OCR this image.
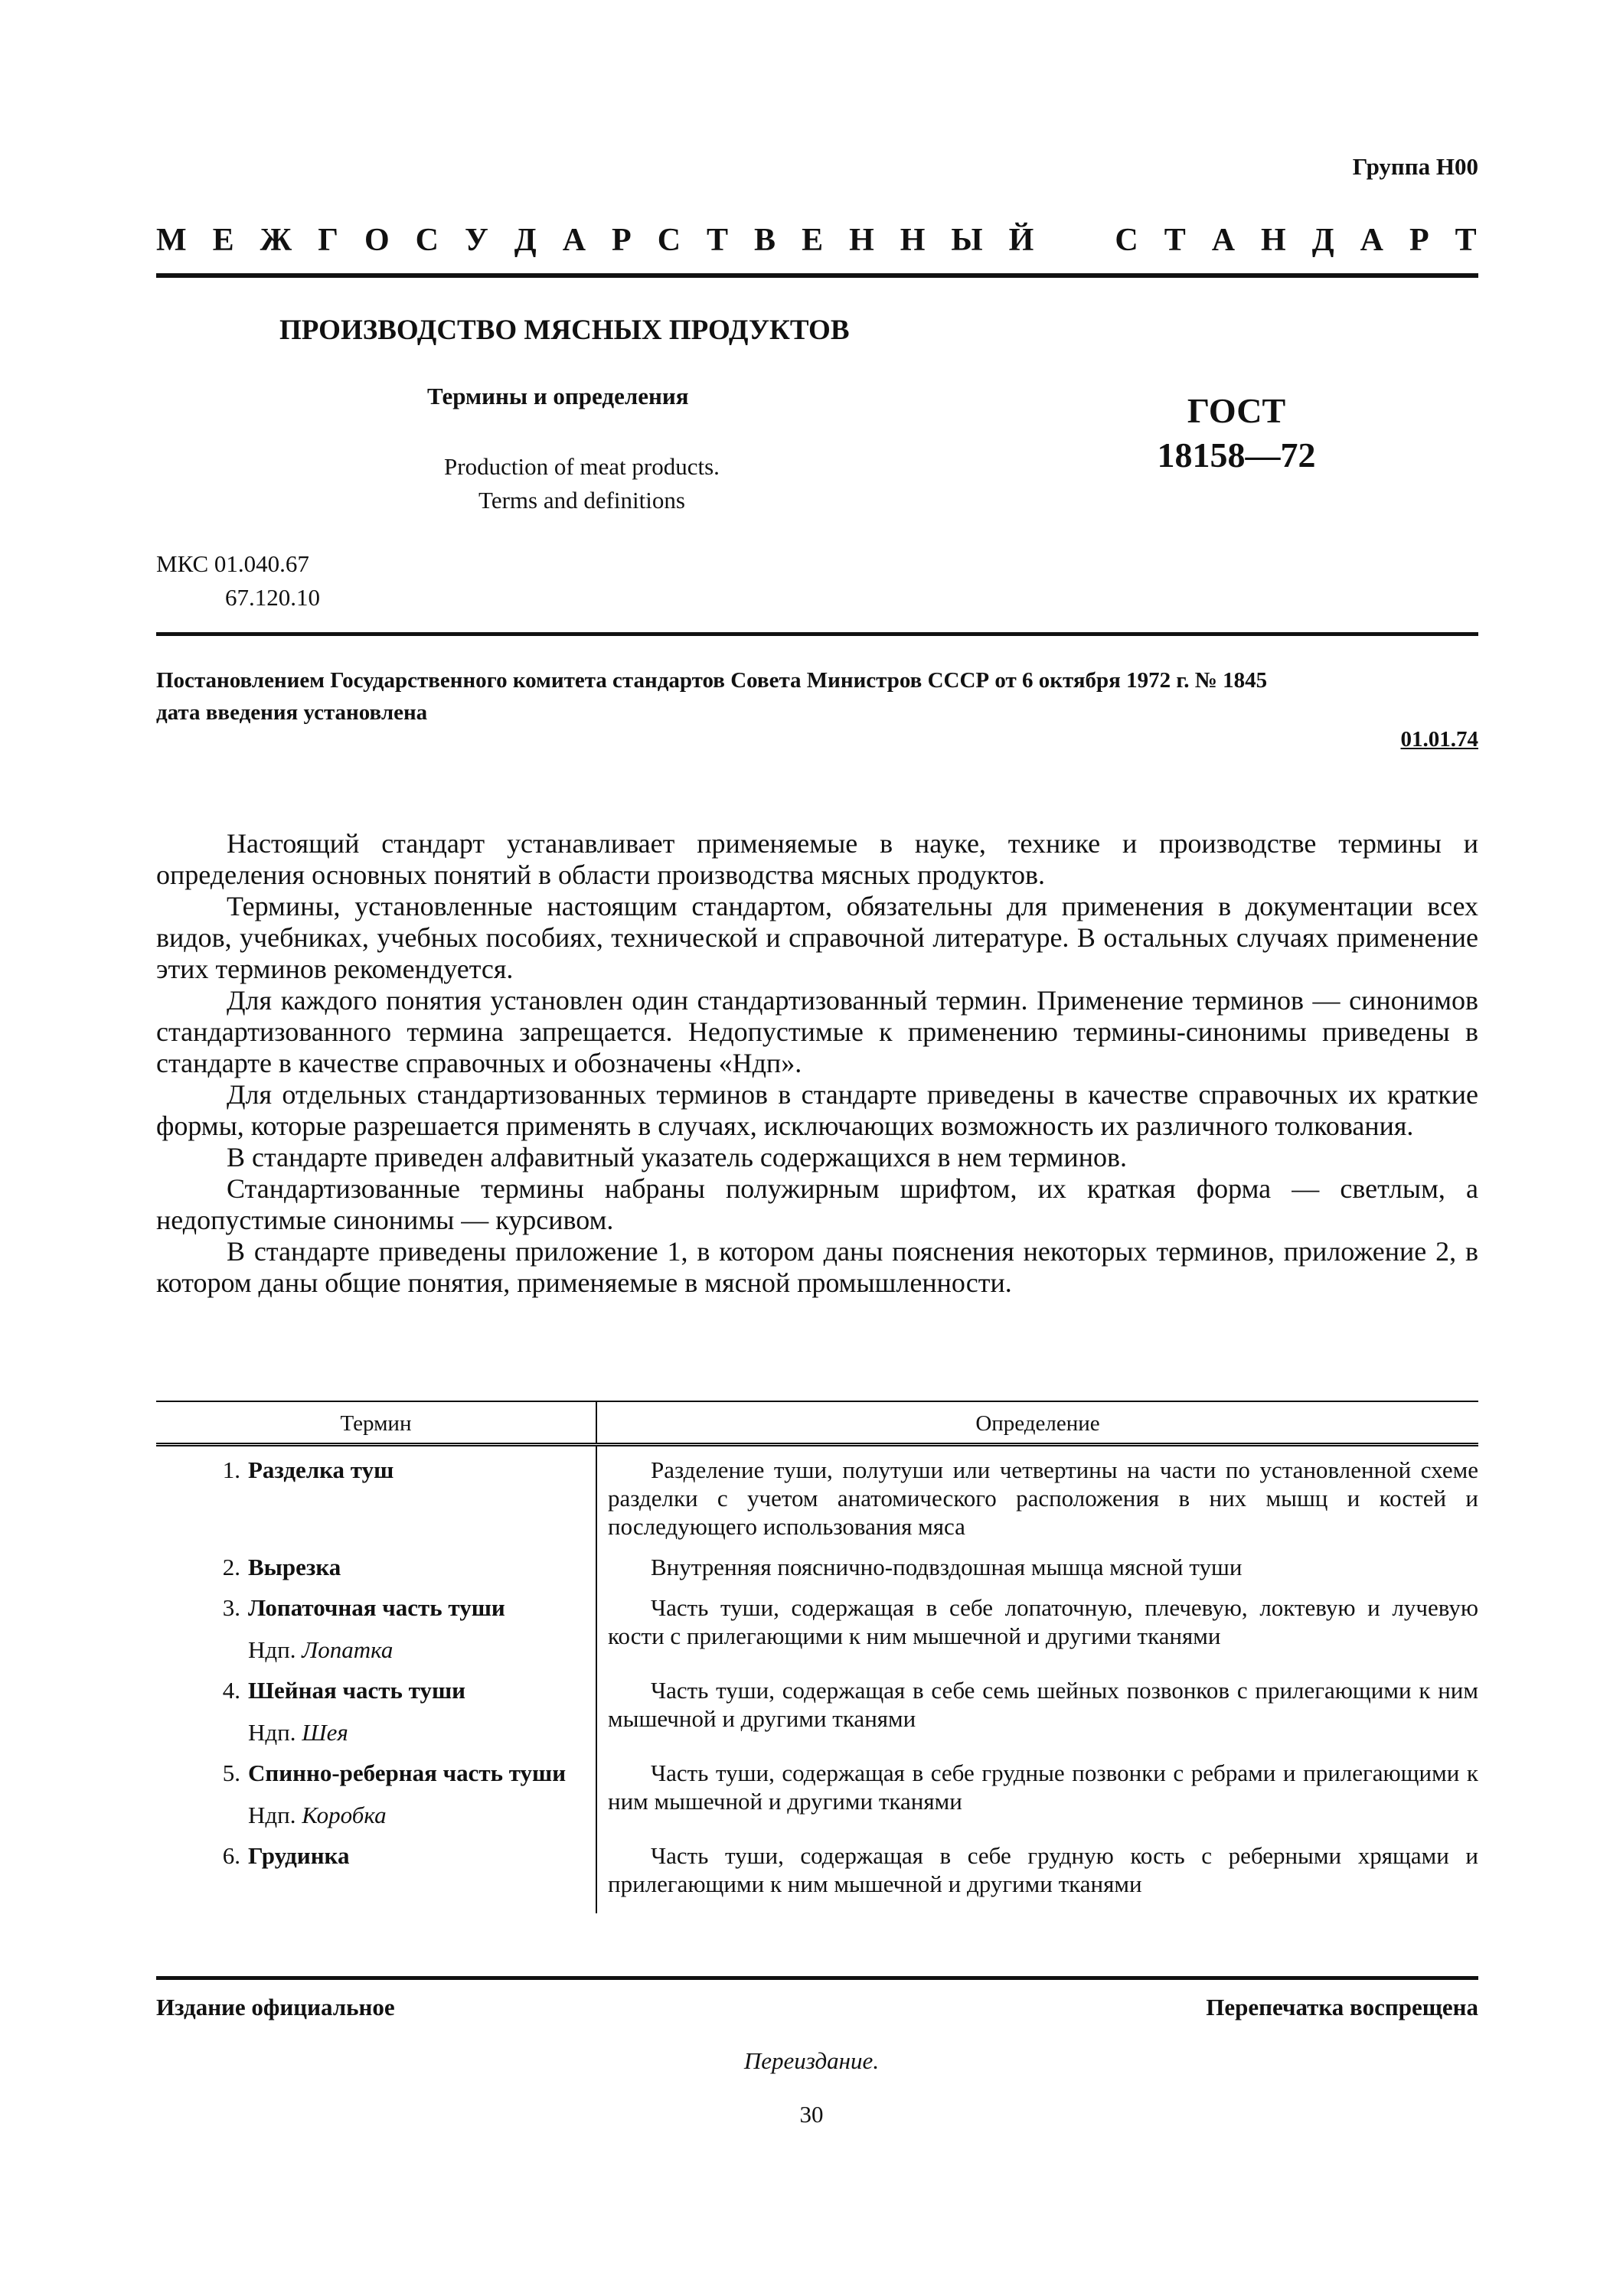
Группа Н00
М Е Ж Г О С У Д А Р С Т В Е Н Н Ы Й С Т А Н Д А Р Т
ПРОИЗВОДСТВО МЯСНЫХ ПРОДУКТОВ
Термины и определения
Production of meat products.
Terms and definitions
ГОСТ
18158—72
МКС 01.040.67
67.120.10
Постановлением Государственного комитета стандартов Совета Министров СССР от 6 октября 1972 г. № 1845
дата введения установлена
01.01.74

Настоящий стандарт устанавливает применяемые в науке, технике и производстве термины и определения основных понятий в области производства мясных продуктов.

Термины, установленные настоящим стандартом, обязательны для применения в документации всех видов, учебниках, учебных пособиях, технической и справочной литературе. В остальных случаях применение этих терминов рекомендуется.

Для каждого понятия установлен один стандартизованный термин. Применение терминов — синонимов стандартизованного термина запрещается. Недопустимые к применению термины-синонимы приведены в стандарте в качестве справочных и обозначены «Ндп».

Для отдельных стандартизованных терминов в стандарте приведены в качестве справочных их краткие формы, которые разрешается применять в случаях, исключающих возможность их различного толкования.

В стандарте приведен алфавитный указатель содержащихся в нем терминов.

Стандартизованные термины набраны полужирным шрифтом, их краткая форма — светлым, а недопустимые синонимы — курсивом.

В стандарте приведены приложение 1, в котором даны пояснения некоторых терминов, приложение 2, в котором даны общие понятия, применяемые в мясной промышленности.

Термин	Определение
1. Разделка туш	Разделение туши, полутуши или четвертины на части по установленной схеме разделки с учетом анатомического расположения в них мышц и костей и последующего использования мяса
2. Вырезка	Внутренняя пояснично-подвздошная мышца мясной туши
3. Лопаточная часть туши
Ндп. Лопатка	Часть туши, содержащая в себе лопаточную, плечевую, локтевую и лучевую кости с прилегающими к ним мышечной и другими тканями
4. Шейная часть туши
Ндп. Шея	Часть туши, содержащая в себе семь шейных позвонков с прилегающими к ним мышечной и другими тканями
5. Спинно-реберная часть туши
Ндп. Коробка	Часть туши, содержащая в себе грудные позвонки с ребрами и прилегающими к ним мышечной и другими тканями
6. Грудинка	Часть туши, содержащая в себе грудную кость с реберными хрящами и прилегающими к ним мышечной и другими тканями
Издание официальное	Перепечатка воспрещена
Переиздание.
30
